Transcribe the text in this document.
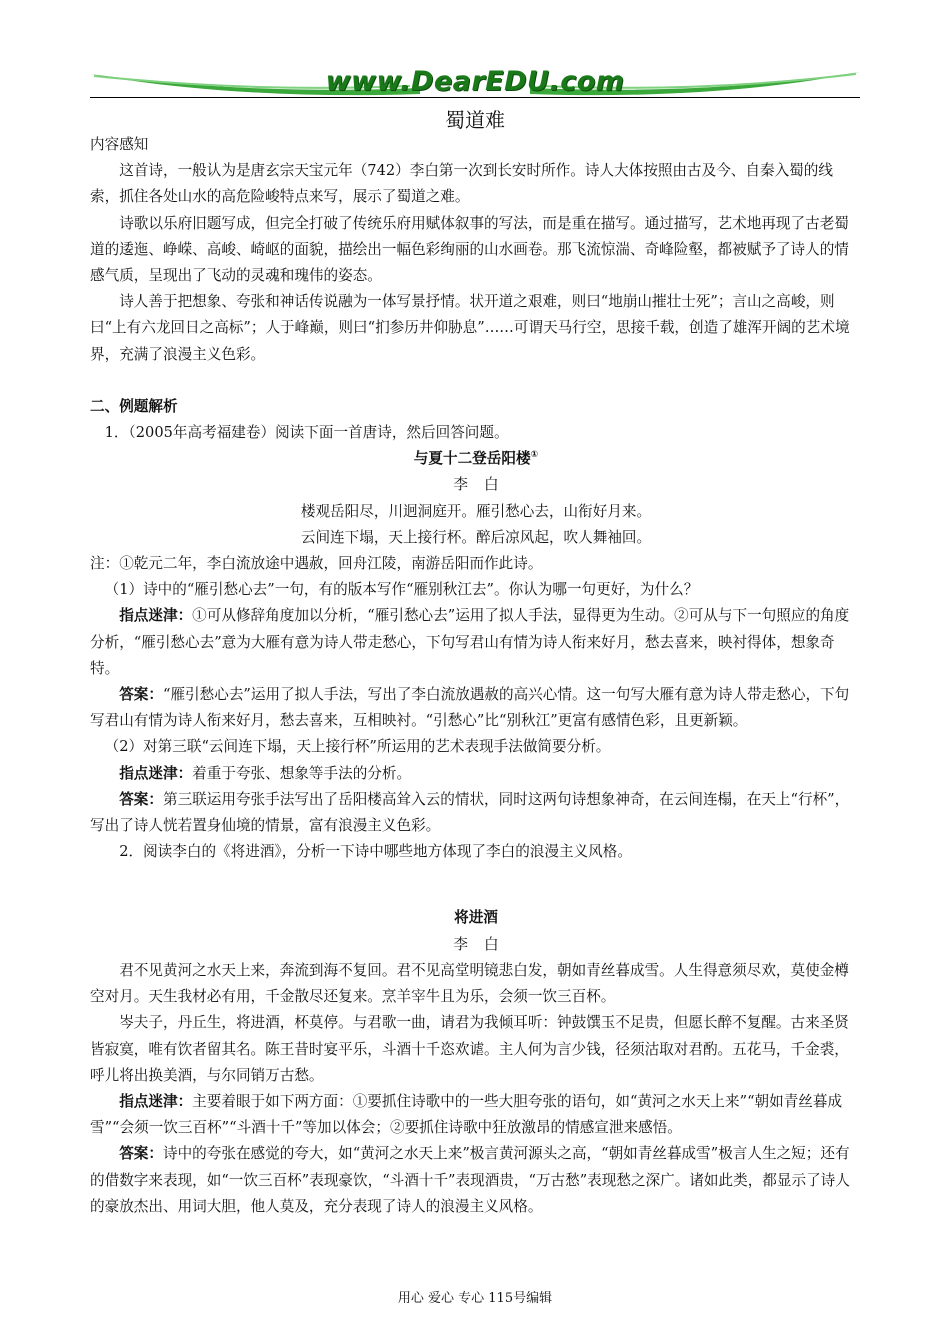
www.DearEDU.com
蜀道难

内容感知

这首诗，一般认为是唐玄宗天宝元年（742）李白第一次到长安时所作。诗人大体按照由古及今、自秦入蜀的线索，抓住各处山水的高危险峻特点来写，展示了蜀道之难。

诗歌以乐府旧题写成，但完全打破了传统乐府用赋体叙事的写法，而是重在描写。通过描写，艺术地再现了古老蜀道的逶迤、峥嵘、高峻、崎岖的面貌，描绘出一幅色彩绚丽的山水画卷。那飞流惊湍、奇峰险壑，都被赋予了诗人的情感气质，呈现出了飞动的灵魂和瑰伟的姿态。

诗人善于把想象、夸张和神话传说融为一体写景抒情。状开道之艰难，则曰“地崩山摧壮士死”；言山之高峻，则曰“上有六龙回日之高标”；人于峰巅，则曰“扪参历井仰胁息”……可谓天马行空，思接千载，创造了雄浑开阔的艺术境界，充满了浪漫主义色彩。

二、例题解析

1．（2005年高考福建卷）阅读下面一首唐诗，然后回答问题。

与夏十二登岳阳楼①

李 白

楼观岳阳尽，川迥洞庭开。雁引愁心去，山衔好月来。

云间连下塌，天上接行杯。醉后凉风起，吹人舞袖回。

注：①乾元二年，李白流放途中遇赦，回舟江陵，南游岳阳而作此诗。

（1）诗中的“雁引愁心去”一句，有的版本写作“雁别秋江去”。你认为哪一句更好，为什么？

指点迷津：①可从修辞角度加以分析，“雁引愁心去”运用了拟人手法，显得更为生动。②可从与下一句照应的角度分析，“雁引愁心去”意为大雁有意为诗人带走愁心，下句写君山有情为诗人衔来好月，愁去喜来，映衬得体，想象奇特。

答案：“雁引愁心去”运用了拟人手法，写出了李白流放遇赦的高兴心情。这一句写大雁有意为诗人带走愁心，下句写君山有情为诗人衔来好月，愁去喜来，互相映衬。“引愁心”比“别秋江”更富有感情色彩，且更新颖。

（2）对第三联“云间连下塌，天上接行杯”所运用的艺术表现手法做简要分析。

指点迷津：着重于夸张、想象等手法的分析。

答案：第三联运用夸张手法写出了岳阳楼高耸入云的情状，同时这两句诗想象神奇，在云间连榻，在天上“行杯”，写出了诗人恍若置身仙境的情景，富有浪漫主义色彩。

2．阅读李白的《将进酒》，分析一下诗中哪些地方体现了李白的浪漫主义风格。

将进酒

李 白

君不见黄河之水天上来，奔流到海不复回。君不见高堂明镜悲白发，朝如青丝暮成雪。人生得意须尽欢，莫使金樽空对月。天生我材必有用，千金散尽还复来。烹羊宰牛且为乐，会须一饮三百杯。

岑夫子，丹丘生，将进酒，杯莫停。与君歌一曲，请君为我倾耳听：钟鼓馔玉不足贵，但愿长醉不复醒。古来圣贤皆寂寞，唯有饮者留其名。陈王昔时宴平乐，斗酒十千恣欢谑。主人何为言少钱，径须沽取对君酌。五花马，千金裘，呼儿将出换美酒，与尔同销万古愁。

指点迷津：主要着眼于如下两方面：①要抓住诗歌中的一些大胆夸张的语句，如“黄河之水天上来”“朝如青丝暮成雪”“会须一饮三百杯”“斗酒十千”等加以体会；②要抓住诗歌中狂放激昂的情感宣泄来感悟。

答案：诗中的夸张在感觉的夸大，如“黄河之水天上来”极言黄河源头之高，“朝如青丝暮成雪”极言人生之短；还有的借数字来表现，如“一饮三百杯”表现豪饮，“斗酒十千”表现酒贵，“万古愁”表现愁之深广。诸如此类，都显示了诗人的豪放杰出、用词大胆，他人莫及，充分表现了诗人的浪漫主义风格。

用心 爱心 专心 115号编辑
